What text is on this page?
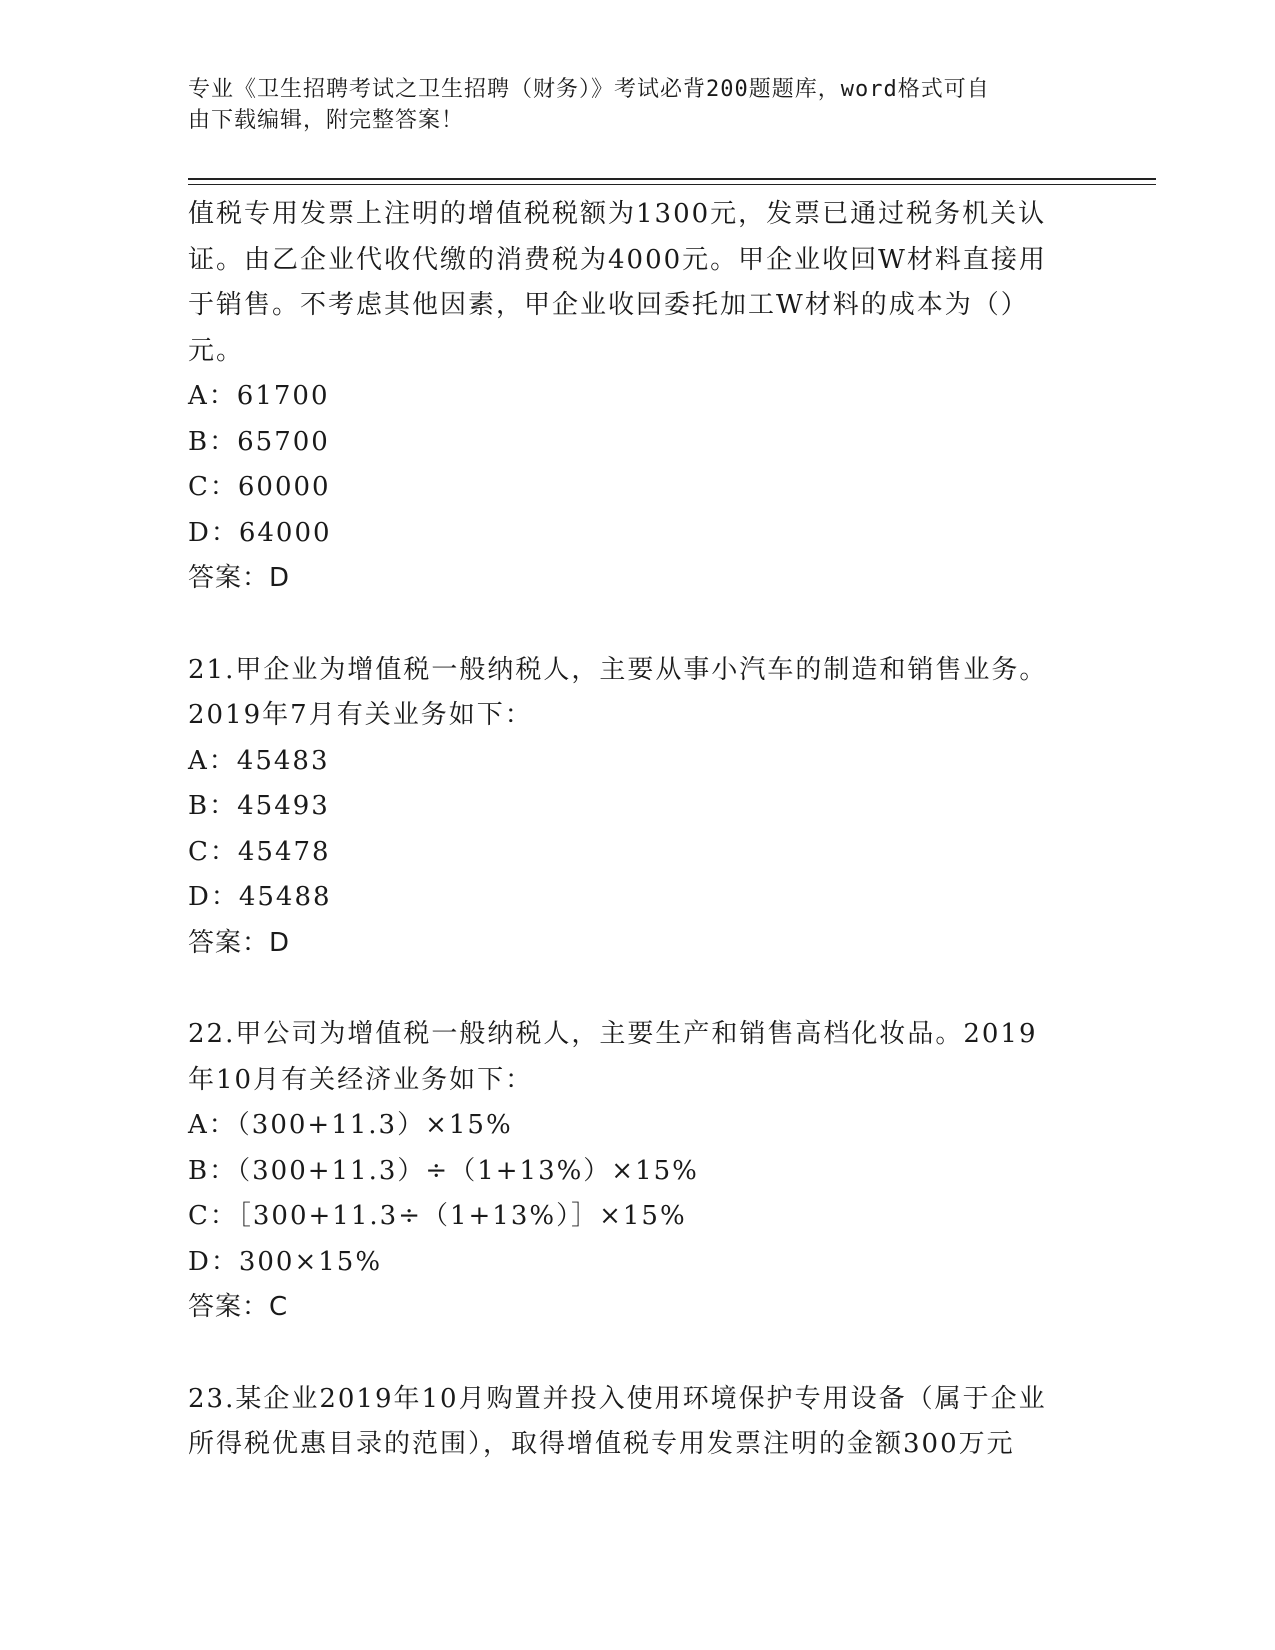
专业《卫生招聘考试之卫生招聘（财务）》考试必背200题题库，word格式可自
由下载编辑，附完整答案！
值税专用发票上注明的增值税税额为1300元，发票已通过税务机关认
证。由乙企业代收代缴的消费税为4000元。甲企业收回W材料直接用
于销售。不考虑其他因素，甲企业收回委托加工W材料的成本为（）
元。
A：61700
B：65700
C：60000
D：64000
答案：D
21.甲企业为增值税一般纳税人，主要从事小汽车的制造和销售业务。
2019年7月有关业务如下：
A：45483
B：45493
C：45478
D：45488
答案：D
22.甲公司为增值税一般纳税人，主要生产和销售高档化妆品。2019
年10月有关经济业务如下：
A：（300+11.3）×15%
B：（300+11.3）÷（1+13%）×15%
C：［300+11.3÷（1+13%）］×15%
D：300×15%
答案：C
23.某企业2019年10月购置并投入使用环境保护专用设备（属于企业
所得税优惠目录的范围），取得增值税专用发票注明的金额300万元
